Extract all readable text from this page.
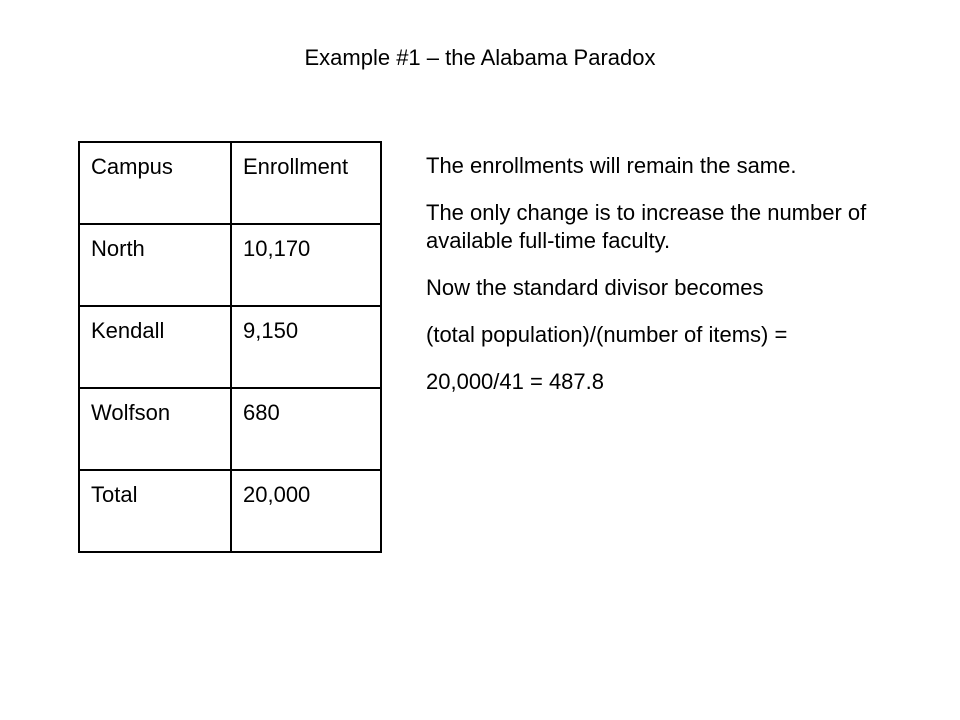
Example #1 – the Alabama Paradox
Campus	Enrollment
North	10,170
Kendall	9,150
Wolfson	680
Total	20,000

The enrollments will remain the same.

The only change is to increase the number of available full-time faculty.

Now the standard divisor becomes

(total population)/(number of items) =

20,000/41 = 487.8
